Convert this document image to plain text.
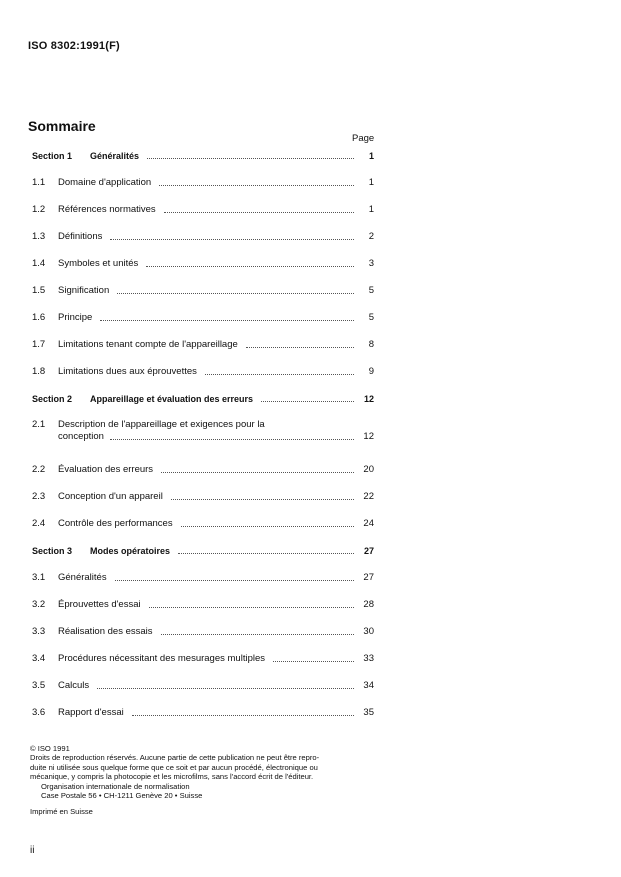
ISO 8302:1991(F)
Sommaire
Page
Section 1	Généralités	1
1.1	Domaine d'application	1
1.2	Références normatives	1
1.3	Définitions	2
1.4	Symboles et unités	3
1.5	Signification	5
1.6	Principe	5
1.7	Limitations tenant compte de l'appareillage	8
1.8	Limitations dues aux éprouvettes	9
Section 2	Appareillage et évaluation des erreurs	12
2.1	Description de l'appareillage et exigences pour la
conception	12
2.2	Évaluation des erreurs	20
2.3	Conception d'un appareil	22
2.4	Contrôle des performances	24
Section 3	Modes opératoires	27
3.1	Généralités	27
3.2	Éprouvettes d'essai	28
3.3	Réalisation des essais	30
3.4	Procédures nécessitant des mesurages multiples	33
3.5	Calculs	34
3.6	Rapport d'essai	35
© ISO 1991
Droits de reproduction réservés. Aucune partie de cette publication ne peut être repro-
duite ni utilisée sous quelque forme que ce soit et par aucun procédé, électronique ou
mécanique, y compris la photocopie et les microfilms, sans l'accord écrit de l'éditeur.
Organisation internationale de normalisation
Case Postale 56 • CH-1211 Genève 20 • Suisse
Imprimé en Suisse
ii
